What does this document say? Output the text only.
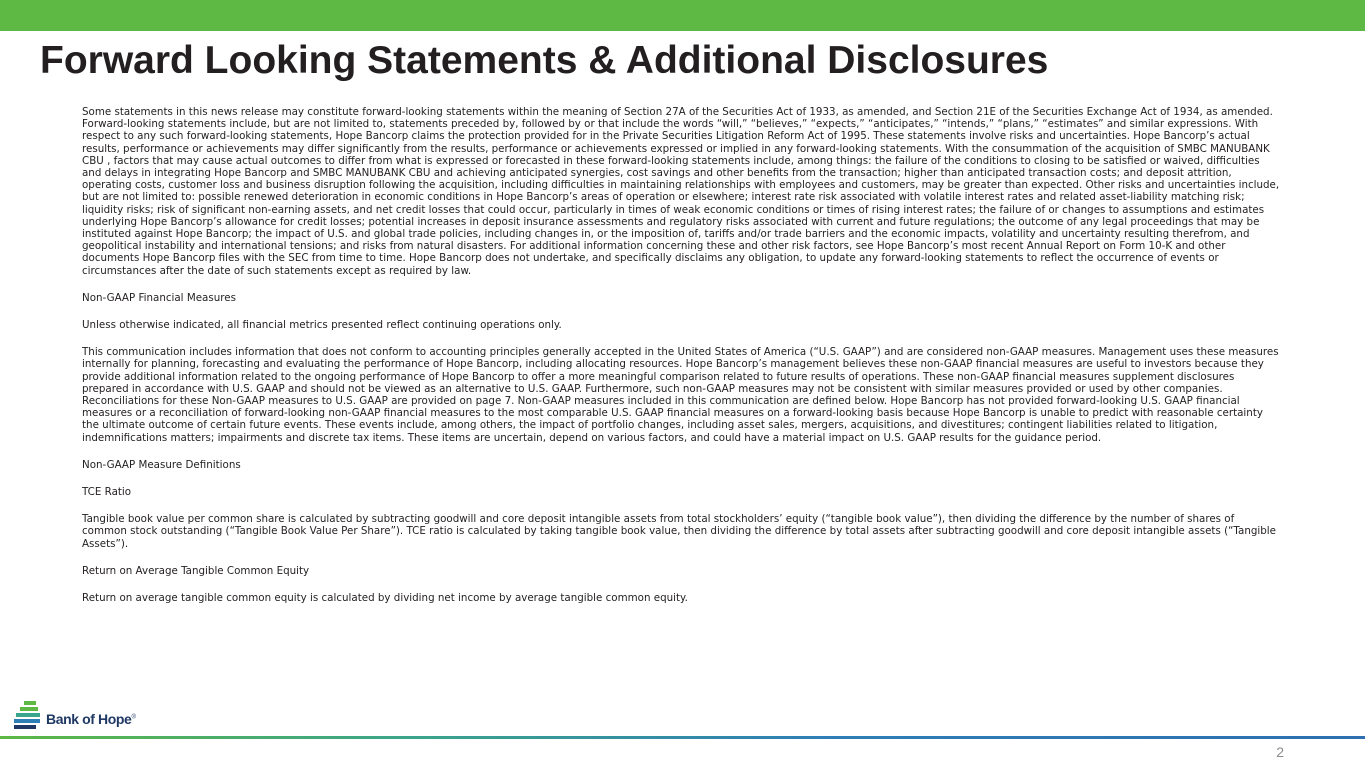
Forward Looking Statements & Additional Disclosures

Some statements in this news release may constitute forward-looking statements within the meaning of Section 27A of the Securities Act of 1933, as amended, and Section 21E of the Securities Exchange Act of 1934, as amended. Forward-looking statements include, but are not limited to, statements preceded by, followed by or that include the words “will,” “believes,” “expects,” “anticipates,” “intends,” “plans,” “estimates” and similar expressions. With respect to any such forward-looking statements, Hope Bancorp claims the protection provided for in the Private Securities Litigation Reform Act of 1995. These statements involve risks and uncertainties. Hope Bancorp’s actual results, performance or achievements may differ significantly from the results, performance or achievements expressed or implied in any forward-looking statements. With the consummation of the acquisition of SMBC MANUBANK CBU , factors that may cause actual outcomes to differ from what is expressed or forecasted in these forward-looking statements include, among things: the failure of the conditions to closing to be satisfied or waived, difficulties and delays in integrating Hope Bancorp and SMBC MANUBANK CBU and achieving anticipated synergies, cost savings and other benefits from the transaction; higher than anticipated transaction costs; and deposit attrition, operating costs, customer loss and business disruption following the acquisition, including difficulties in maintaining relationships with employees and customers, may be greater than expected. Other risks and uncertainties include, but are not limited to: possible renewed deterioration in economic conditions in Hope Bancorp’s areas of operation or elsewhere; interest rate risk associated with volatile interest rates and related asset-liability matching risk; liquidity risks; risk of significant non-earning assets, and net credit losses that could occur, particularly in times of weak economic conditions or times of rising interest rates; the failure of or changes to assumptions and estimates underlying Hope Bancorp’s allowance for credit losses; potential increases in deposit insurance assessments and regulatory risks associated with current and future regulations; the outcome of any legal proceedings that may be instituted against Hope Bancorp; the impact of U.S. and global trade policies, including changes in, or the imposition of, tariffs and/or trade barriers and the economic impacts, volatility and uncertainty resulting therefrom, and geopolitical instability and international tensions; and risks from natural disasters. For additional information concerning these and other risk factors, see Hope Bancorp’s most recent Annual Report on Form 10-K and other documents Hope Bancorp files with the SEC from time to time. Hope Bancorp does not undertake, and specifically disclaims any obligation, to update any forward-looking statements to reflect the occurrence of events or circumstances after the date of such statements except as required by law.

Non-GAAP Financial Measures

Unless otherwise indicated, all financial metrics presented reflect continuing operations only.

This communication includes information that does not conform to accounting principles generally accepted in the United States of America (“U.S. GAAP”) and are considered non-GAAP measures. Management uses these measures internally for planning, forecasting and evaluating the performance of Hope Bancorp, including allocating resources. Hope Bancorp’s management believes these non-GAAP financial measures are useful to investors because they provide additional information related to the ongoing performance of Hope Bancorp to offer a more meaningful comparison related to future results of operations. These non-GAAP financial measures supplement disclosures prepared in accordance with U.S. GAAP and should not be viewed as an alternative to U.S. GAAP. Furthermore, such non-GAAP measures may not be consistent with similar measures provided or used by other companies. Reconciliations for these Non-GAAP measures to U.S. GAAP are provided on page 7. Non-GAAP measures included in this communication are defined below. Hope Bancorp has not provided forward-looking U.S. GAAP financial measures or a reconciliation of forward-looking non-GAAP financial measures to the most comparable U.S. GAAP financial measures on a forward-looking basis because Hope Bancorp is unable to predict with reasonable certainty the ultimate outcome of certain future events. These events include, among others, the impact of portfolio changes, including asset sales, mergers, acquisitions, and divestitures; contingent liabilities related to litigation, indemnifications matters; impairments and discrete tax items. These items are uncertain, depend on various factors, and could have a material impact on U.S. GAAP results for the guidance period.

Non-GAAP Measure Definitions

TCE Ratio

Tangible book value per common share is calculated by subtracting goodwill and core deposit intangible assets from total stockholders’ equity (“tangible book value”), then dividing the difference by the number of shares of common stock outstanding (“Tangible Book Value Per Share”). TCE ratio is calculated by taking tangible book value, then dividing the difference by total assets after subtracting goodwill and core deposit intangible assets (“Tangible Assets”).

Return on Average Tangible Common Equity

Return on average tangible common equity is calculated by dividing net income by average tangible common equity.

Bank of Hope®
2
